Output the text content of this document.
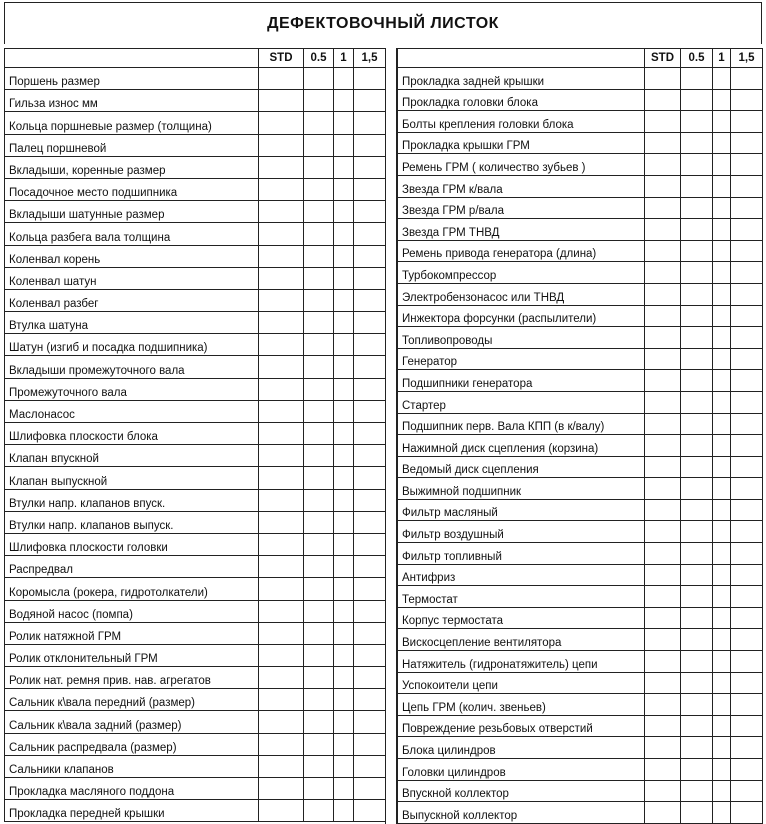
ДЕФЕКТОВОЧНЫЙ ЛИСТОК
	STD	0.5	1	1,5
Поршень размер				
Гильза износ мм				
Кольца поршневые размер (толщина)				
Палец поршневой				
Вкладыши, коренные размер				
Посадочное место подшипника				
Вкладыши шатунные размер				
Кольца разбега вала толщина				
Коленвал корень				
Коленвал шатун				
Коленвал разбег				
Втулка шатуна				
Шатун (изгиб и посадка подшипника)				
Вкладыши промежуточного вала				
Промежуточного вала				
Маслонасос				
Шлифовка плоскости блока				
Клапан впускной				
Клапан выпускной				
Втулки напр. клапанов впуск.				
Втулки напр. клапанов выпуск.				
Шлифовка плоскости головки				
Распредвал				
Коромысла (рокера, гидротолкатели)				
Водяной насос (помпа)				
Ролик натяжной ГРМ				
Ролик отклонительный ГРМ				
Ролик нат. ремня прив. нав. агрегатов				
Сальник к\вала передний (размер)				
Сальник к\вала задний (размер)				
Сальник распредвала (размер)				
Сальники клапанов				
Прокладка масляного поддона				
Прокладка передней крышки				
	STD	0.5	1	1,5
Прокладка задней крышки				
Прокладка головки блока				
Болты крепления головки блока				
Прокладка крышки ГРМ				
Ремень ГРМ ( количество зубьев )				
Звезда ГРМ к/вала				
Звезда ГРМ р/вала				
Звезда ГРМ ТНВД				
Ремень привода генератора (длина)				
Турбокомпрессор				
Электробензонасос или ТНВД				
Инжектора форсунки (распылители)				
Топливопроводы				
Генератор				
Подшипники генератора				
Стартер				
Подшипник перв. Вала КПП (в к/валу)				
Нажимной диск сцепления (корзина)				
Ведомый диск сцепления				
Выжимной подшипник				
Фильтр масляный				
Фильтр воздушный				
Фильтр топливный				
Антифриз				
Термостат				
Корпус термостата				
Вискосцепление вентилятора				
Натяжитель (гидронатяжитель) цепи				
Успокоители цепи				
Цепь ГРМ (колич. звеньев)				
Повреждение резьбовых отверстий				
Блока цилиндров				
Головки цилиндров				
Впускной коллектор				
Выпускной коллектор				
